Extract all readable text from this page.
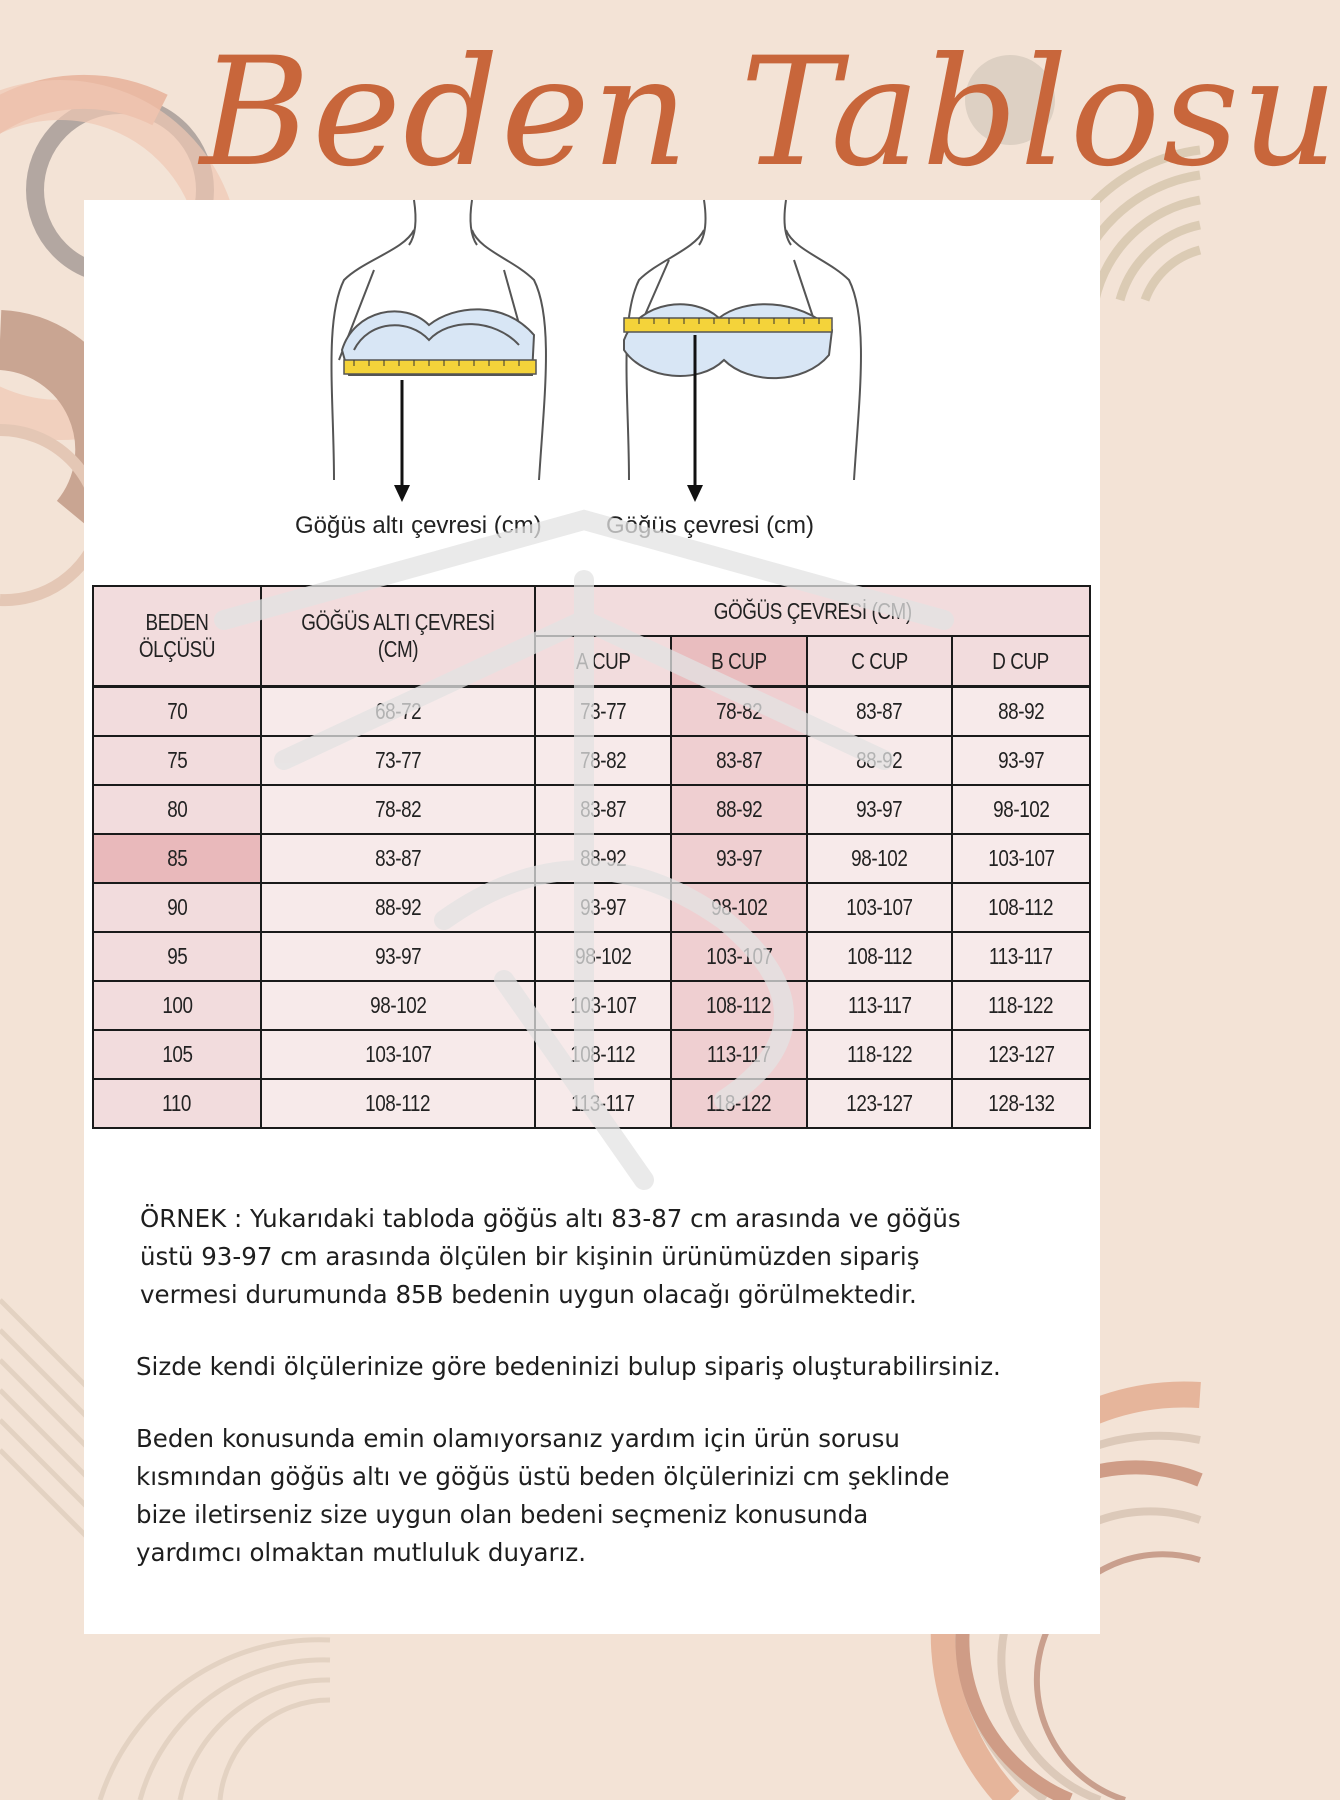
Beden Tablosu
Göğüs altı çevresi (cm)	Göğüs çevresi (cm)
BEDEN ÖLÇÜSÜ	GÖĞÜS ALTI ÇEVRESİ (CM)	GÖĞÜS ÇEVRESİ (CM)			
		A CUP	B CUP	C CUP	D CUP
70	68-72	73-77	78-82	83-87	88-92
75	73-77	78-82	83-87	88-92	93-97
80	78-82	83-87	88-92	93-97	98-102
85	83-87	88-92	93-97	98-102	103-107
90	88-92	93-97	98-102	103-107	108-112
95	93-97	98-102	103-107	108-112	113-117
100	98-102	103-107	108-112	113-117	118-122
105	103-107	108-112	113-117	118-122	123-127
110	108-112	113-117	118-122	123-127	128-132

ÖRNEK : Yukarıdaki tabloda göğüs altı 83-87 cm arasında ve göğüs
üstü 93-97 cm arasında ölçülen bir kişinin ürünümüzden sipariş
vermesi durumunda 85B bedenin uygun olacağı görülmektedir.

Sizde kendi ölçülerinize göre bedeninizi bulup sipariş oluşturabilirsiniz.

Beden konusunda emin olamıyorsanız yardım için ürün sorusu
kısmından göğüs altı ve göğüs üstü beden ölçülerinizi cm şeklinde
bize iletirseniz size uygun olan bedeni seçmeniz konusunda
yardımcı olmaktan mutluluk duyarız.
